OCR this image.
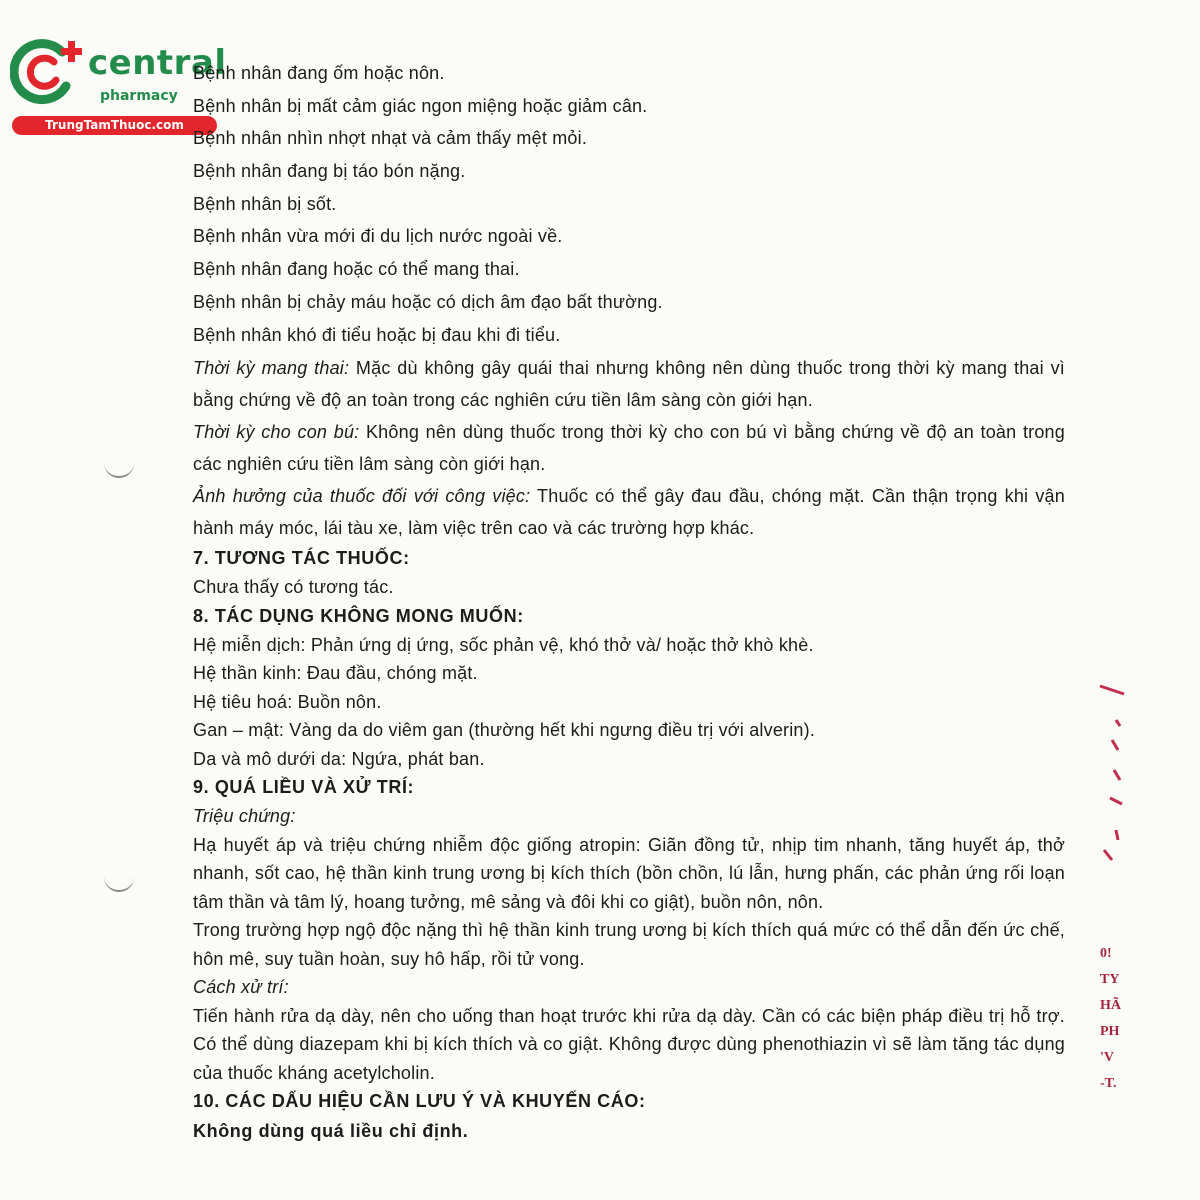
central
pharmacy
TrungTamThuoc.com
0!
TY
HÃ
PH
'V
-T.
Bệnh nhân đang ốm hoặc nôn.
Bệnh nhân bị mất cảm giác ngon miệng hoặc giảm cân.
Bệnh nhân nhìn nhợt nhạt và cảm thấy mệt mỏi.
Bệnh nhân đang bị táo bón nặng.
Bệnh nhân bị sốt.
Bệnh nhân vừa mới đi du lịch nước ngoài về.
Bệnh nhân đang hoặc có thể mang thai.
Bệnh nhân bị chảy máu hoặc có dịch âm đạo bất thường.
Bệnh nhân khó đi tiểu hoặc bị đau khi đi tiểu.

Thời kỳ mang thai: Mặc dù không gây quái thai nhưng không nên dùng thuốc trong thời kỳ mang thai vì bằng chứng về độ an toàn trong các nghiên cứu tiền lâm sàng còn giới hạn.

Thời kỳ cho con bú: Không nên dùng thuốc trong thời kỳ cho con bú vì bằng chứng về độ an toàn trong các nghiên cứu tiền lâm sàng còn giới hạn.

Ảnh hưởng của thuốc đối với công việc: Thuốc có thể gây đau đầu, chóng mặt. Cần thận trọng khi vận hành máy móc, lái tàu xe, làm việc trên cao và các trường hợp khác.

7. TƯƠNG TÁC THUỐC:

Chưa thấy có tương tác.

8. TÁC DỤNG KHÔNG MONG MUỐN:

Hệ miễn dịch: Phản ứng dị ứng, sốc phản vệ, khó thở và/ hoặc thở khò khè.

Hệ thần kinh: Đau đầu, chóng mặt.

Hệ tiêu hoá: Buồn nôn.

Gan – mật: Vàng da do viêm gan (thường hết khi ngưng điều trị với alverin).

Da và mô dưới da: Ngứa, phát ban.

9. QUÁ LIỀU VÀ XỬ TRÍ:

Triệu chứng:

Hạ huyết áp và triệu chứng nhiễm độc giống atropin: Giãn đồng tử, nhịp tim nhanh, tăng huyết áp, thở nhanh, sốt cao, hệ thần kinh trung ương bị kích thích (bồn chồn, lú lẫn, hưng phấn, các phản ứng rối loạn tâm thần và tâm lý, hoang tưởng, mê sảng và đôi khi co giật), buồn nôn, nôn.

Trong trường hợp ngộ độc nặng thì hệ thần kinh trung ương bị kích thích quá mức có thể dẫn đến ức chế, hôn mê, suy tuần hoàn, suy hô hấp, rồi tử vong.

Cách xử trí:

Tiến hành rửa dạ dày, nên cho uống than hoạt trước khi rửa dạ dày. Cần có các biện pháp điều trị hỗ trợ. Có thể dùng diazepam khi bị kích thích và co giật. Không được dùng phenothiazin vì sẽ làm tăng tác dụng của thuốc kháng acetylcholin.

10. CÁC DẤU HIỆU CẦN LƯU Ý VÀ KHUYẾN CÁO:

Không dùng quá liều chỉ định.
